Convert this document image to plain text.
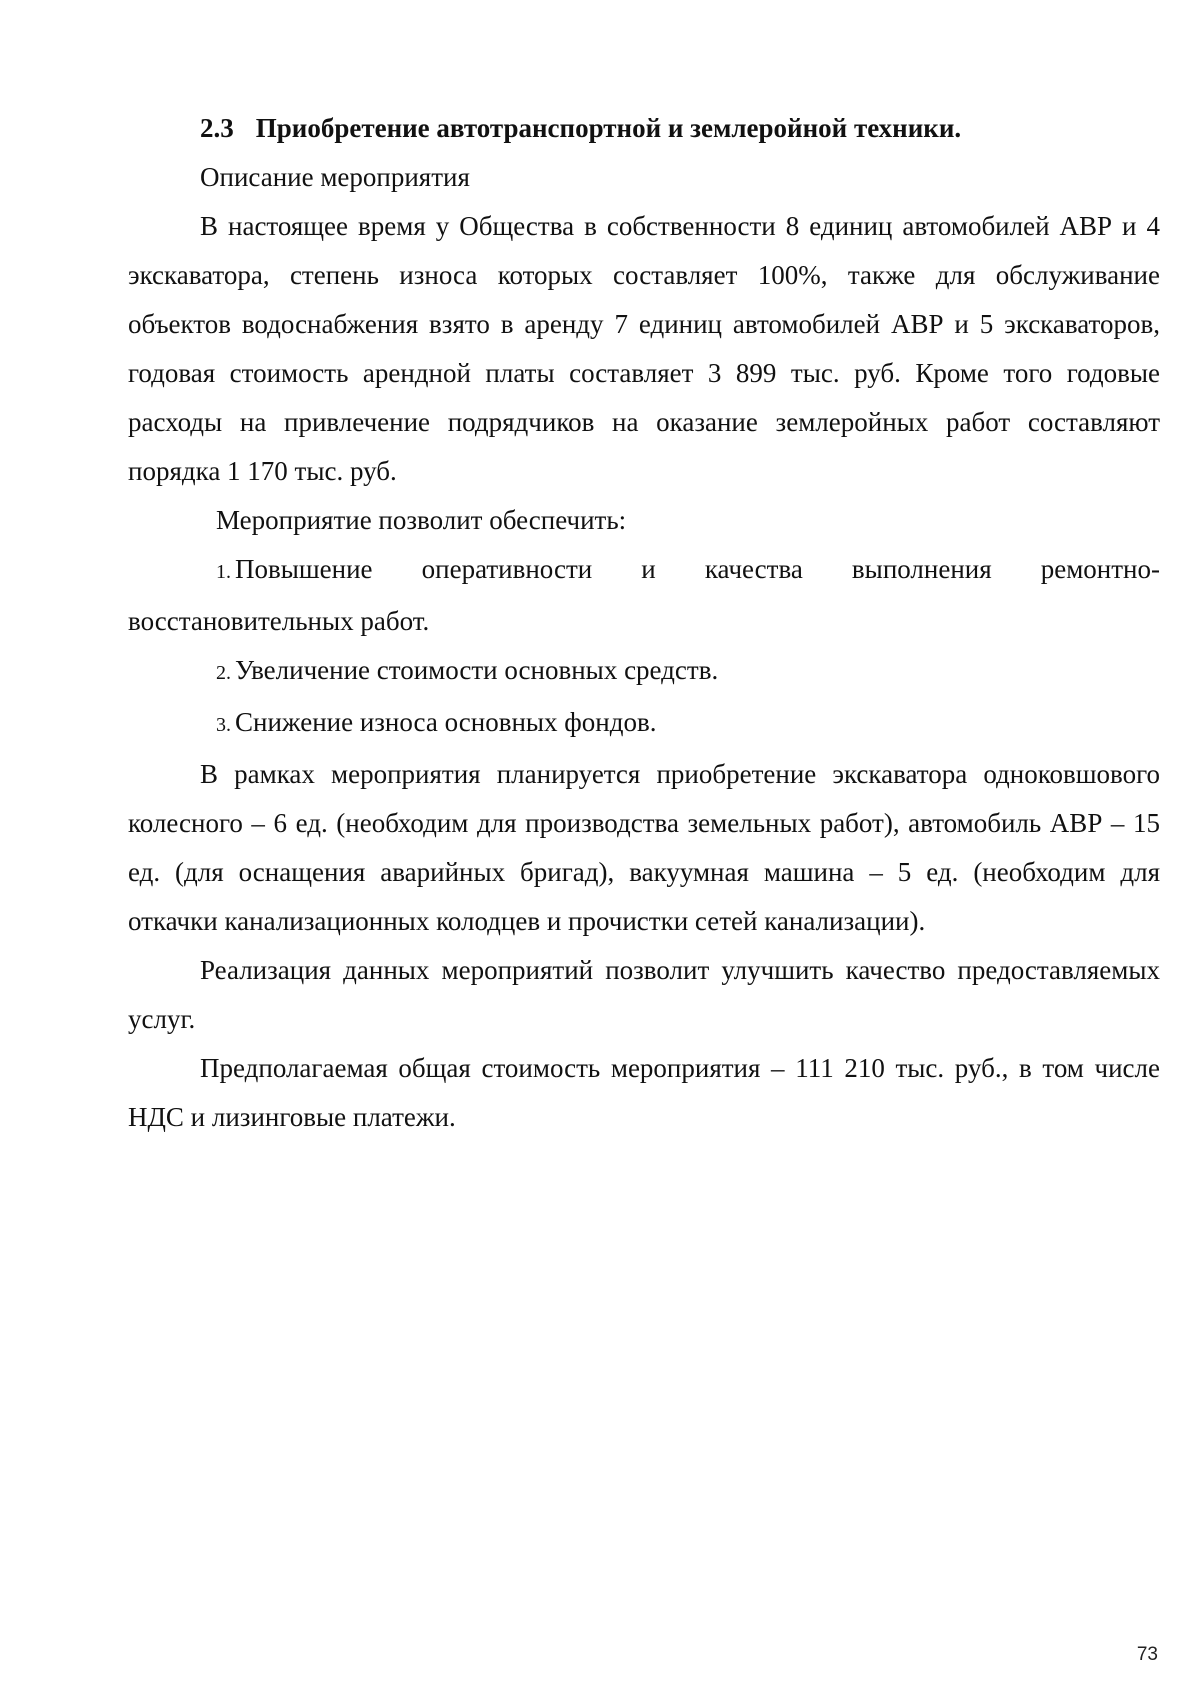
2.3 Приобретение автотранспортной и землеройной техники.

Описание мероприятия

В настоящее время у Общества в собственности 8 единиц автомобилей АВР и 4 экскаватора, степень износа которых составляет 100%, также для обслуживание объектов водоснабжения взято в аренду 7 единиц автомобилей АВР и 5 экскаваторов, годовая стоимость арендной платы составляет 3 899 тыс. руб. Кроме того годовые расходы на привлечение подрядчиков на оказание землеройных работ составляют порядка 1 170 тыс. руб.

Мероприятие позволит обеспечить:

1. Повышение оперативности и качества выполнения ремонтно-восстановительных работ.

2. Увеличение стоимости основных средств.

3. Снижение износа основных фондов.

В рамках мероприятия планируется приобретение экскаватора одноковшового колесного – 6 ед. (необходим для производства земельных работ), автомобиль АВР – 15 ед. (для оснащения аварийных бригад), вакуумная машина – 5 ед. (необходим для откачки канализационных колодцев и прочистки сетей канализации).

Реализация данных мероприятий позволит улучшить качество предоставляемых услуг.

Предполагаемая общая стоимость мероприятия – 111 210 тыс. руб., в том числе НДС и лизинговые платежи.

73
